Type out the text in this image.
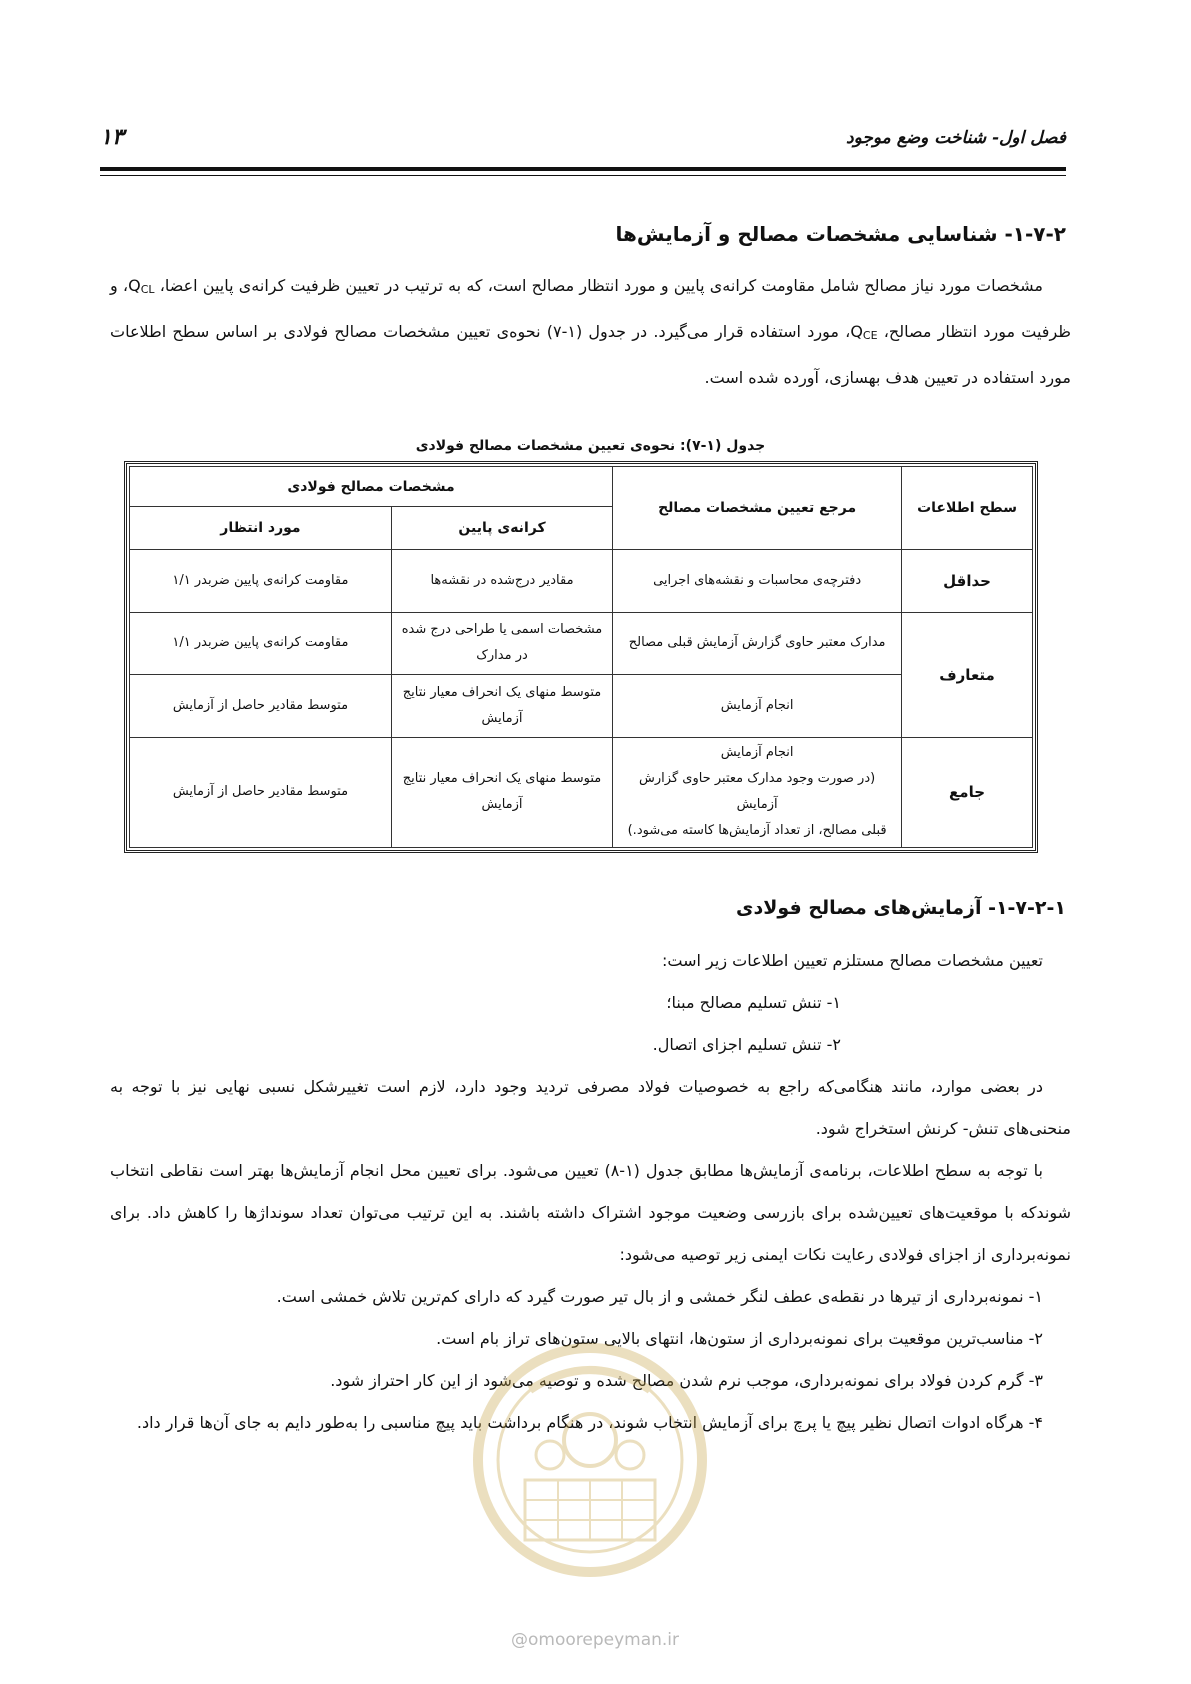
فصل اول- شناخت وضع موجود
۱۳
۱-۷-۲- شناسایی مشخصات مصالح و آزمایش‌ها

مشخصات مورد نیاز مصالح شامل مقاومت کرانه‌ی پایین و مورد انتظار مصالح است، که به ترتیب در تعیین ظرفیت کرانه‌ی پایین اعضا، QCL، و ظرفیت مورد انتظار مصالح، QCE، مورد استفاده قرار می‌گیرد. در جدول (۱-۷) نحوه‌ی تعیین مشخصات مصالح فولادی بر اساس سطح اطلاعات مورد استفاده در تعیین هدف بهسازی، آورده شده است.

جدول (۱-۷): نحوه‌ی تعیین مشخصات مصالح فولادی
سطح اطلاعات	مرجع تعیین مشخصات مصالح	مشخصات مصالح فولادی	
		کرانه‌ی پایین	مورد انتظار
حداقل	دفترچه‌ی محاسبات و نقشه‌های اجرایی	مقادیر درج‌شده در نقشه‌ها	مقاومت کرانه‌ی پایین ضربدر ۱/۱
متعارف	مدارک معتبر حاوی گزارش آزمایش قبلی مصالح	مشخصات اسمی یا طراحی درج شده در مدارک	مقاومت کرانه‌ی پایین ضربدر ۱/۱
	انجام آزمایش	متوسط منهای یک انحراف معیار نتایج آزمایش	متوسط مقادیر حاصل از آزمایش
جامع	انجام آزمایش
(در صورت وجود مدارک معتبر حاوی گزارش آزمایش
قبلی مصالح، از تعداد آزمایش‌ها کاسته می‌شود.)	متوسط منهای یک انحراف معیار نتایج آزمایش	متوسط مقادیر حاصل از آزمایش
۱-۷-۲-۱- آزمایش‌های مصالح فولادی

تعیین مشخصات مصالح مستلزم تعیین اطلاعات زیر است:

۱- تنش تسلیم مصالح مبنا؛

۲- تنش تسلیم اجزای اتصال.

در بعضی موارد، مانند هنگامی‌که راجع به خصوصیات فولاد مصرفی تردید وجود دارد، لازم است تغییرشکل نسبی نهایی نیز با توجه به منحنی‌های تنش- کرنش استخراج شود.

با توجه به سطح اطلاعات، برنامه‌ی آزمایش‌ها مطابق جدول (۱-۸) تعیین می‌شود. برای تعیین محل انجام آزمایش‌ها بهتر است نقاطی انتخاب شوندکه با موقعیت‌های تعیین‌شده برای بازرسی وضعیت موجود اشتراک داشته باشند. به این ترتیب می‌توان تعداد سونداژها را کاهش داد. برای نمونه‌برداری از اجزای فولادی رعایت نکات ایمنی زیر توصیه می‌شود:

۱- نمونه‌برداری از تیرها در نقطه‌ی عطف لنگر خمشی و از بال تیر صورت گیرد که دارای کم‌ترین تلاش خمشی است.

۲- مناسب‌ترین موقعیت برای نمونه‌برداری از ستون‌ها، انتهای بالایی ستون‌های تراز بام است.

۳- گرم کردن فولاد برای نمونه‌برداری، موجب نرم شدن مصالح شده و توصیه می‌شود از این کار احتراز شود.

۴- هرگاه ادوات اتصال نظیر پیچ یا پرچ برای آزمایش انتخاب شوند، در هنگام برداشت باید پیچ مناسبی را به‌طور دایم به جای آن‌ها قرار داد.

@omoorepeyman.ir
